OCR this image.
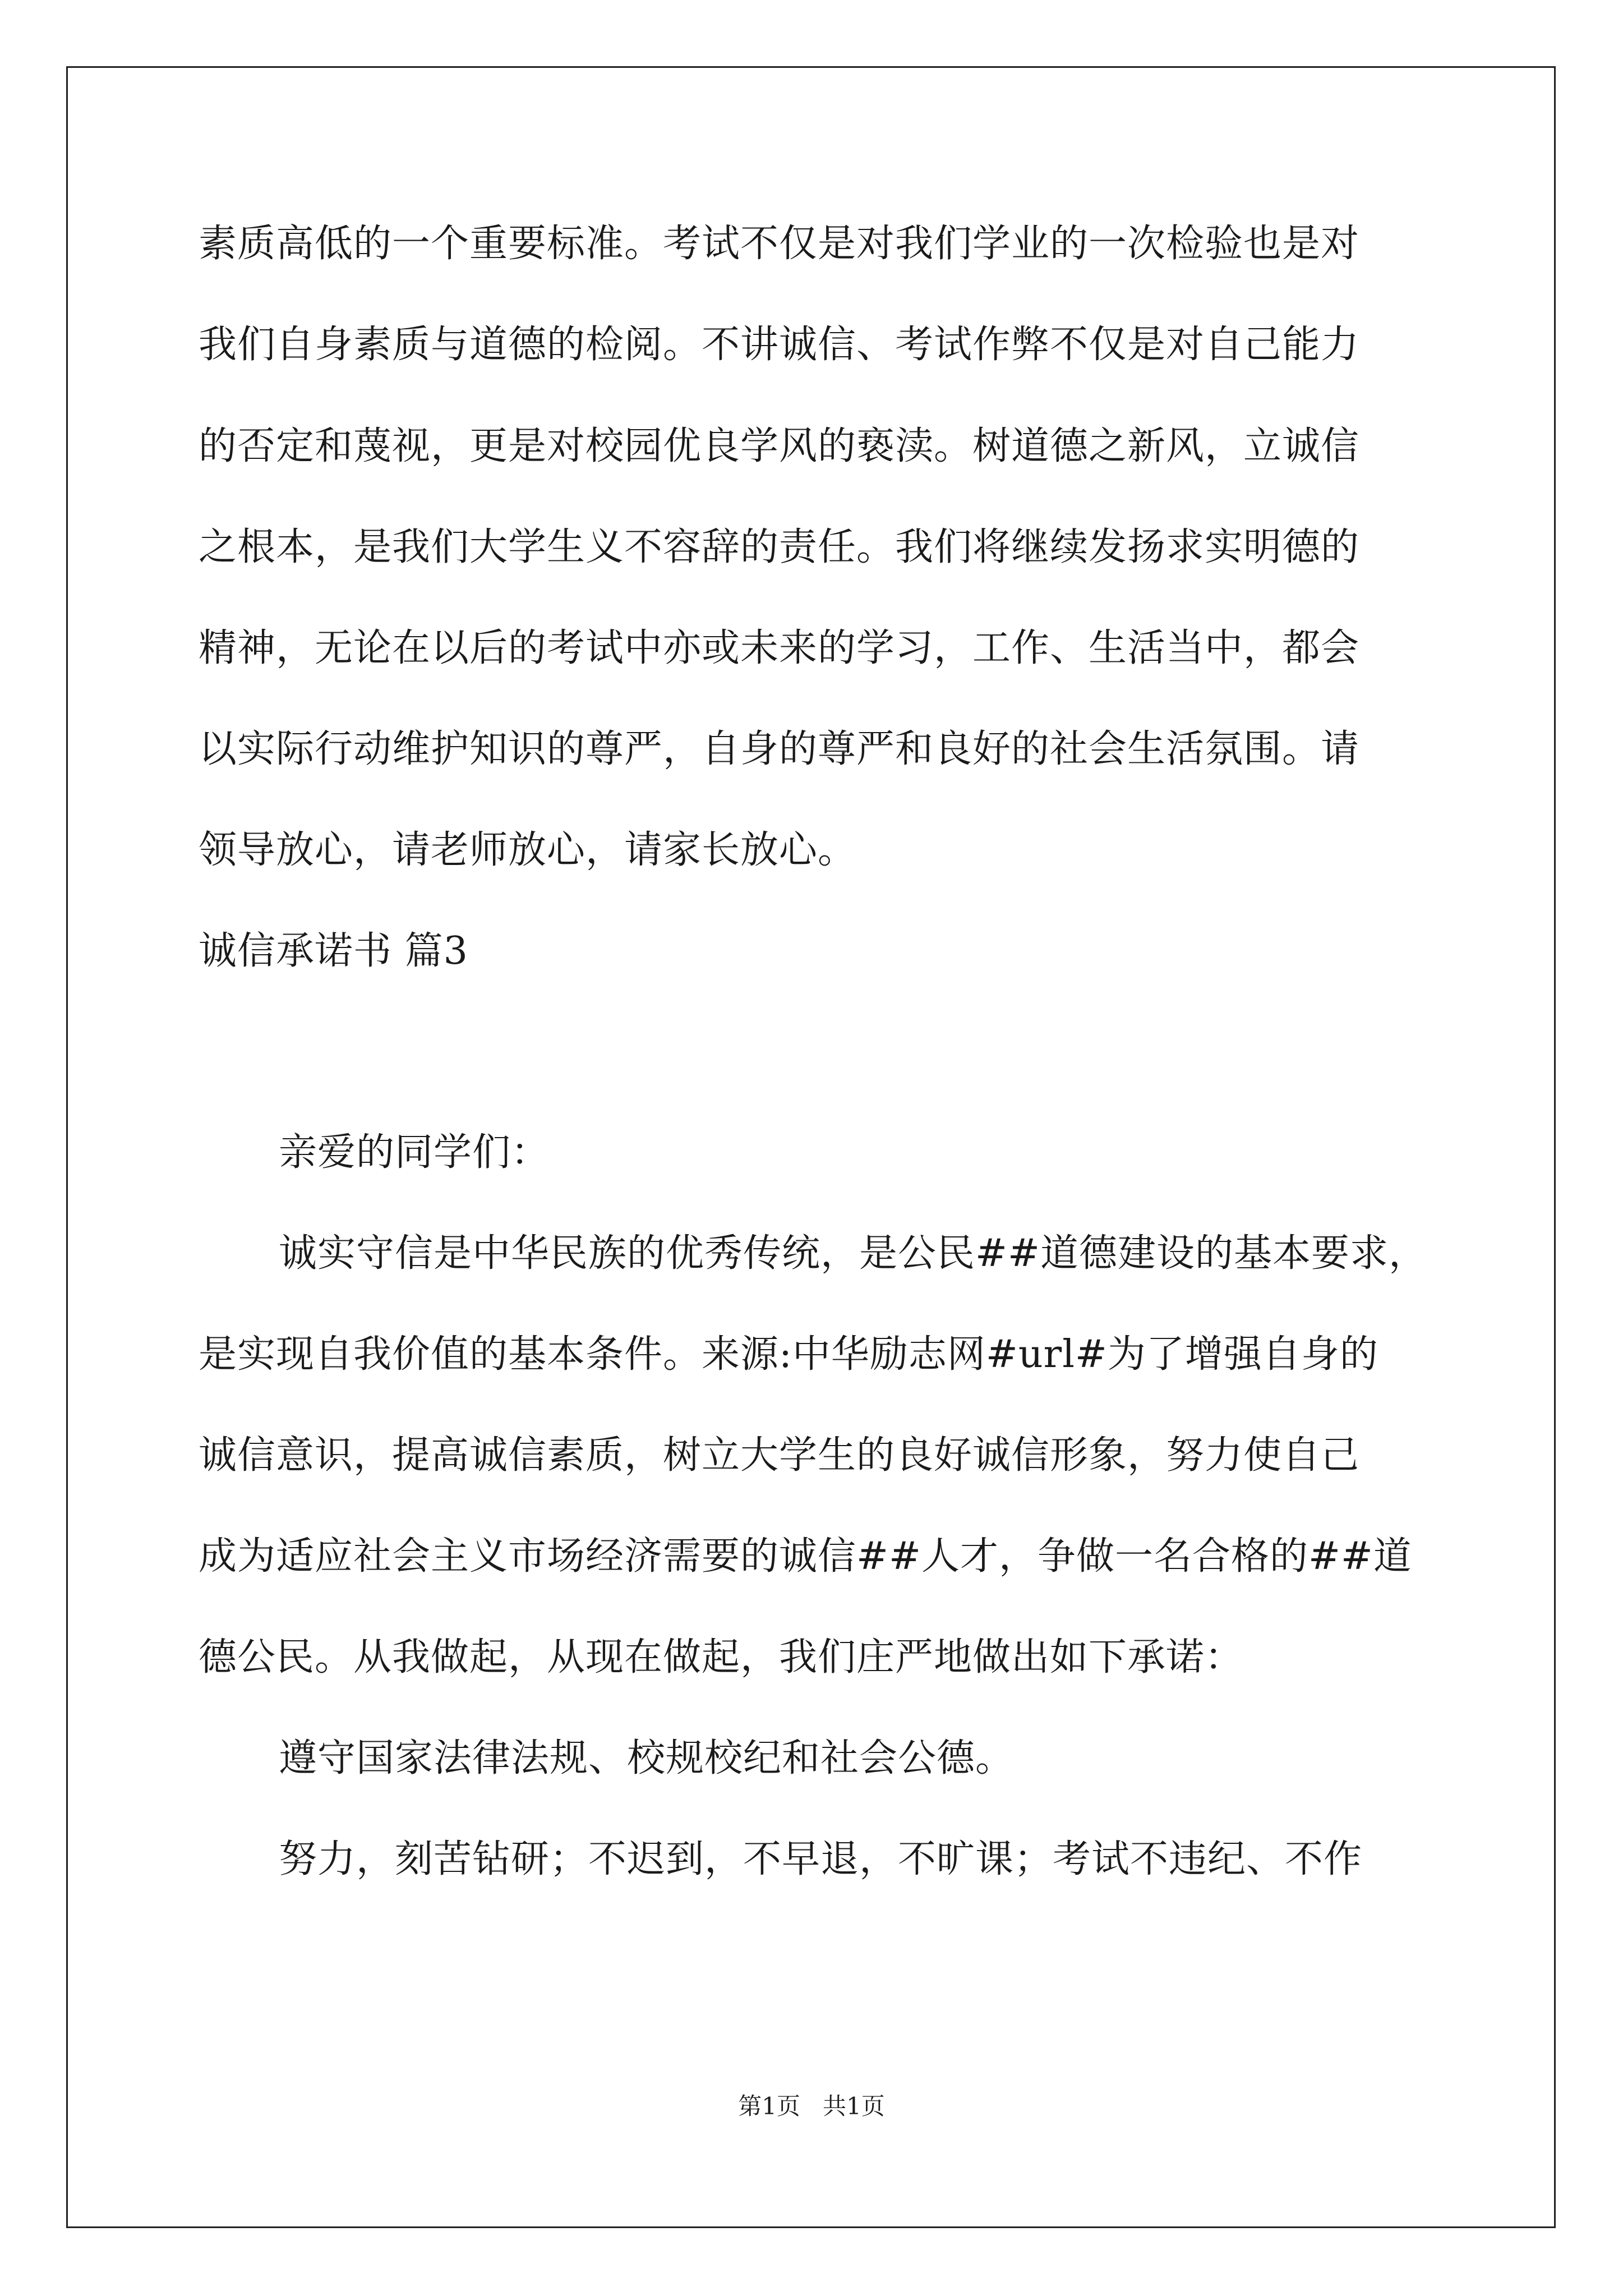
素质高低的一个重要标准。考试不仅是对我们学业的一次检验也是对

我们自身素质与道德的检阅。不讲诚信、考试作弊不仅是对自己能力

的否定和蔑视，更是对校园优良学风的亵渎。树道德之新风，立诚信

之根本，是我们大学生义不容辞的责任。我们将继续发扬求实明德的

精神，无论在以后的考试中亦或未来的学习，工作、生活当中，都会

以实际行动维护知识的尊严，自身的尊严和良好的社会生活氛围。请

领导放心，请老师放心，请家长放心。

诚信承诺书 篇3

亲爱的同学们：

诚实守信是中华民族的优秀传统，是公民##道德建设的基本要求，

是实现自我价值的基本条件。来源:中华励志网#url#为了增强自身的

诚信意识，提高诚信素质，树立大学生的良好诚信形象，努力使自己

成为适应社会主义市场经济需要的诚信##人才，争做一名合格的##道

德公民。从我做起，从现在做起，我们庄严地做出如下承诺：

遵守国家法律法规、校规校纪和社会公德。

努力，刻苦钻研；不迟到，不早退，不旷课；考试不违纪、不作

第1页   共1页
